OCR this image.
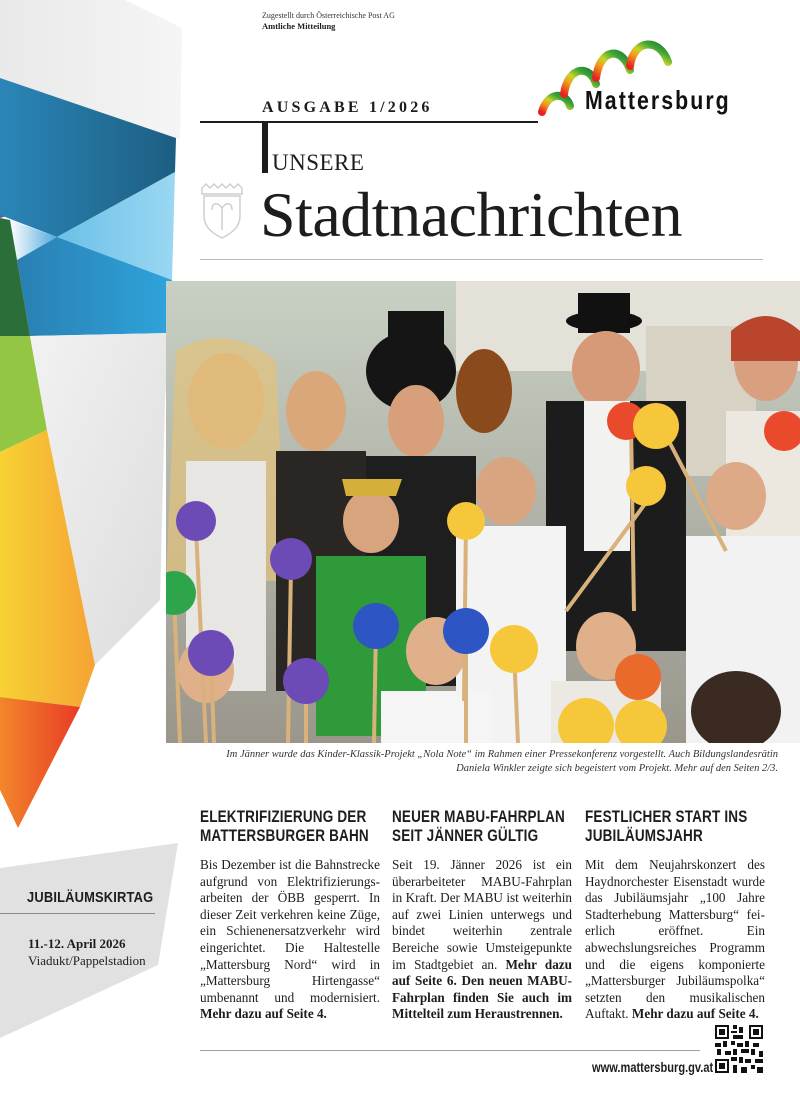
Zugestellt durch Österreichische Post AG
Amtliche Mitteilung
Mattersburg
AUSGABE 1/2026
UNSERE
Stadtnachrichten
Im Jänner wurde das Kinder-Klassik-Projekt „Nola Note“ im Rahmen einer Pressekonferenz vorgestellt. Auch Bildungslandesrätin Daniela Winkler zeigte sich begeistert vom Projekt. Mehr auf den Seiten 2/3.
JUBILÄUMSKIRTAG
11.-12. April 2026
Viadukt/Pappelstadion
ELEKTRIFIZIERUNG DER
MATTERSBURGER BAHN

Bis Dezember ist die Bahnstrecke aufgrund von Elektrifizierungsarbeiten der ÖBB gesperrt. In dieser Zeit verkehren keine Züge, ein Schienenersatzverkehr wird eingerichtet. Die Haltestelle „Mattersburg Nord“ wird in „Mattersburg Hirtengasse“ umbenannt und modernisiert. Mehr dazu auf Seite 4.

NEUER MABU-FAHRPLAN
SEIT JÄNNER GÜLTIG

Seit 19. Jänner 2026 ist ein überarbeiteter MABU-Fahrplan in Kraft. Der MABU ist weiterhin auf zwei Linien unterwegs und bindet weiterhin zentrale Bereiche sowie Umsteigepunkte im Stadtgebiet an. Mehr dazu auf Seite 6. Den neuen MABU-Fahrplan finden Sie auch im Mittelteil zum Heraustrennen.

FESTLICHER START INS
JUBILÄUMSJAHR

Mit dem Neujahrskonzert des Haydnorchester Eisenstadt wurde das Jubiläumsjahr „100 Jahre Stadterhebung Mattersburg“ feierlich eröffnet. Ein abwechslungsreiches Programm und die eigens komponierte „Mattersburger Jubiläumspolka“ setzten den musikalischen Auftakt. Mehr dazu auf Seite 4.

www.mattersburg.gv.at
